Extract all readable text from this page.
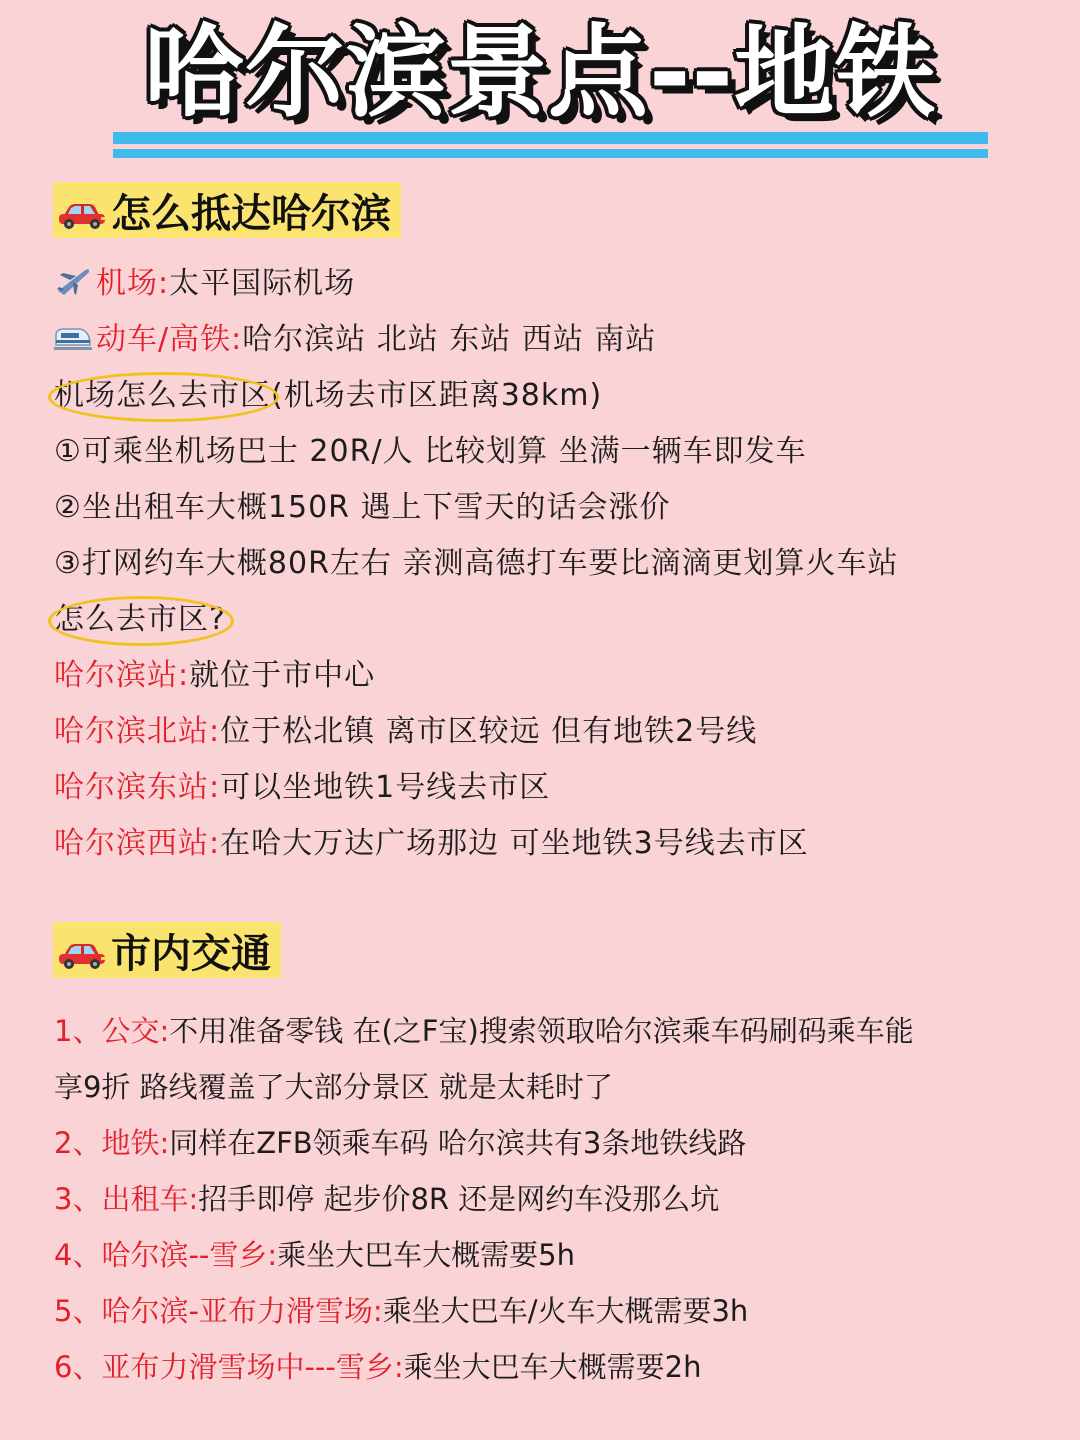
哈尔滨景点--地铁
怎么抵达哈尔滨
机场:太平国际机场
动车/高铁:哈尔滨站 北站 东站 西站 南站
机场怎么去市区(机场去市区距离38km)
①可乘坐机场巴士 20R/人 比较划算 坐满一辆车即发车
②坐出租车大概150R 遇上下雪天的话会涨价
③打网约车大概80R左右 亲测高德打车要比滴滴更划算火车站
怎么去市区?
哈尔滨站:就位于市中心
哈尔滨北站:位于松北镇 离市区较远 但有地铁2号线
哈尔滨东站:可以坐地铁1号线去市区
哈尔滨西站:在哈大万达广场那边 可坐地铁3号线去市区
市内交通
1、公交:不用准备零钱 在(之F宝)搜索领取哈尔滨乘车码刷码乘车能
享9折 路线覆盖了大部分景区 就是太耗时了
2、地铁:同样在ZFB领乘车码 哈尔滨共有3条地铁线路
3、出租车:招手即停 起步价8R 还是网约车没那么坑
4、哈尔滨--雪乡:乘坐大巴车大概需要5h
5、哈尔滨-亚布力滑雪场:乘坐大巴车/火车大概需要3h
6、亚布力滑雪场中---雪乡:乘坐大巴车大概需要2h
